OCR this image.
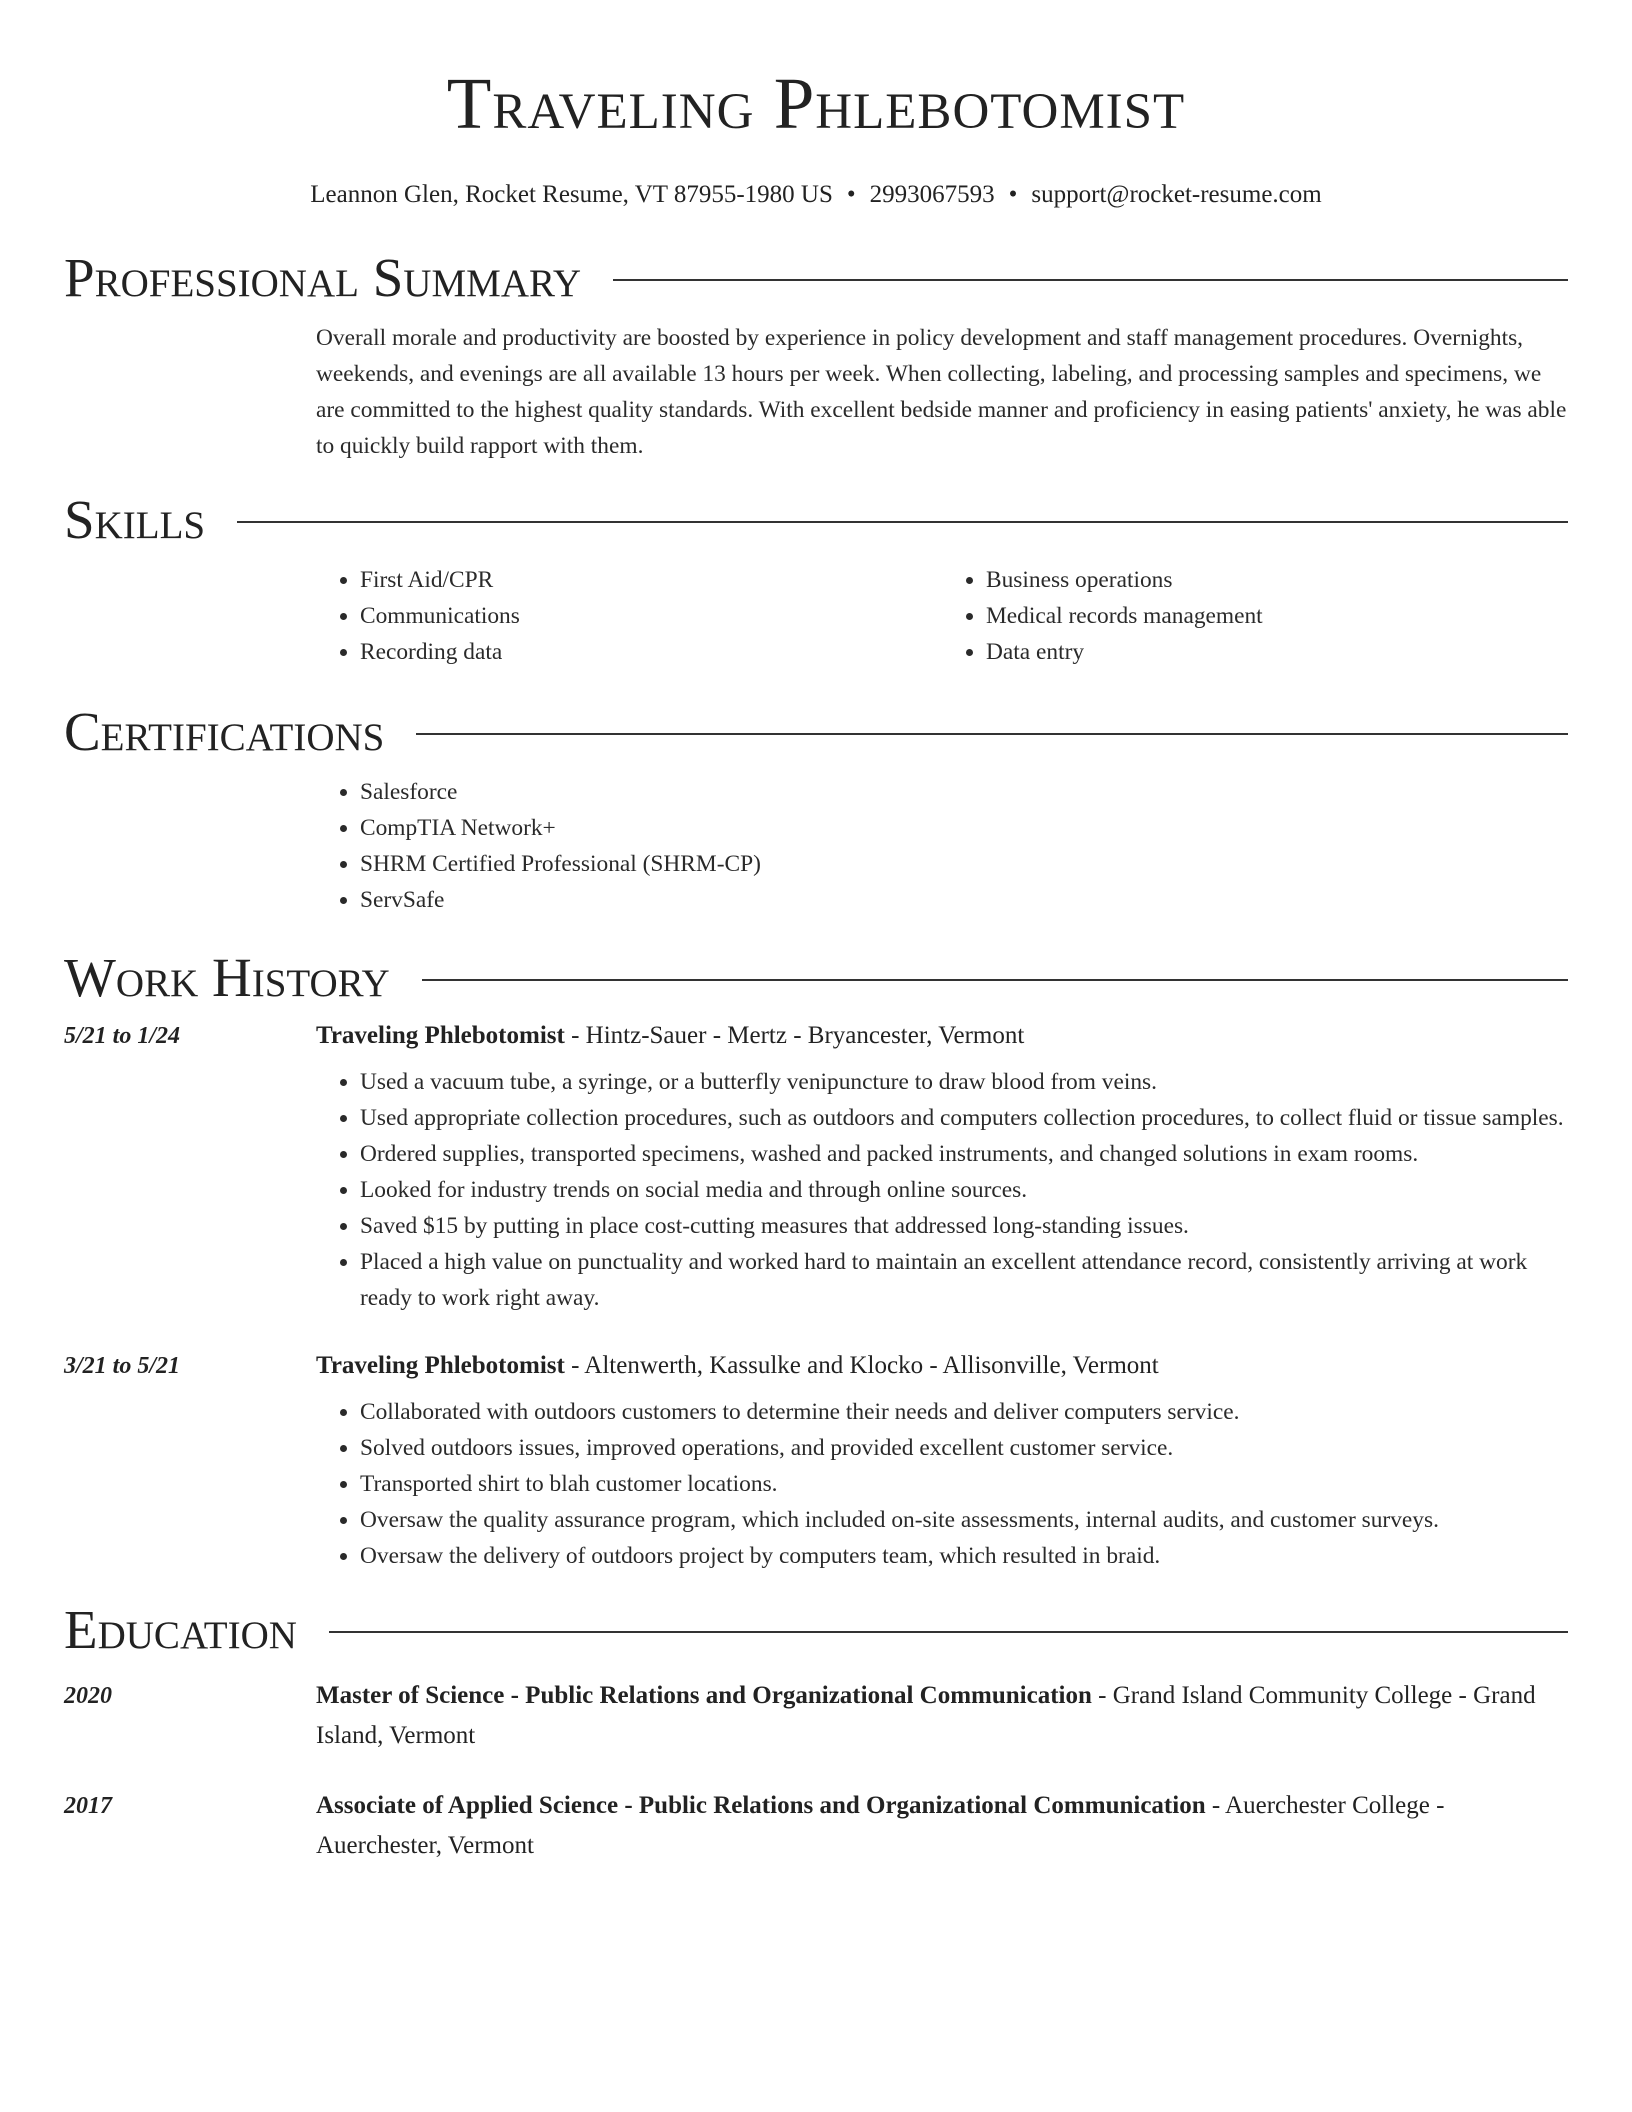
Traveling Phlebotomist
Leannon Glen, Rocket Resume, VT 87955-1980 US • 2993067593 • support@rocket-resume.com
Professional Summary

Overall morale and productivity are boosted by experience in policy development and staff management procedures. Overnights, weekends, and evenings are all available 13 hours per week. When collecting, labeling, and processing samples and specimens, we are committed to the highest quality standards. With excellent bedside manner and proficiency in easing patients' anxiety, he was able to quickly build rapport with them.

Skills
• First Aid/CPR
• Communications
• Recording data
• Business operations
• Medical records management
• Data entry
Certifications
• Salesforce
• CompTIA Network+
• SHRM Certified Professional (SHRM-CP)
• ServSafe
Work History
5/21 to 1/24	Traveling Phlebotomist - Hintz-Sauer - Mertz - Bryancester, Vermont
• Used a vacuum tube, a syringe, or a butterfly venipuncture to draw blood from veins.
• Used appropriate collection procedures, such as outdoors and computers collection procedures, to collect fluid or tissue samples.
• Ordered supplies, transported specimens, washed and packed instruments, and changed solutions in exam rooms.
• Looked for industry trends on social media and through online sources.
• Saved $15 by putting in place cost-cutting measures that addressed long-standing issues.
• Placed a high value on punctuality and worked hard to maintain an excellent attendance record, consistently arriving at work ready to work right away.
3/21 to 5/21	Traveling Phlebotomist - Altenwerth, Kassulke and Klocko - Allisonville, Vermont
• Collaborated with outdoors customers to determine their needs and deliver computers service.
• Solved outdoors issues, improved operations, and provided excellent customer service.
• Transported shirt to blah customer locations.
• Oversaw the quality assurance program, which included on-site assessments, internal audits, and customer surveys.
• Oversaw the delivery of outdoors project by computers team, which resulted in braid.
Education
2020	Master of Science - Public Relations and Organizational Communication - Grand Island Community College - Grand Island, Vermont
2017	Associate of Applied Science - Public Relations and Organizational Communication - Auerchester College - Auerchester, Vermont
